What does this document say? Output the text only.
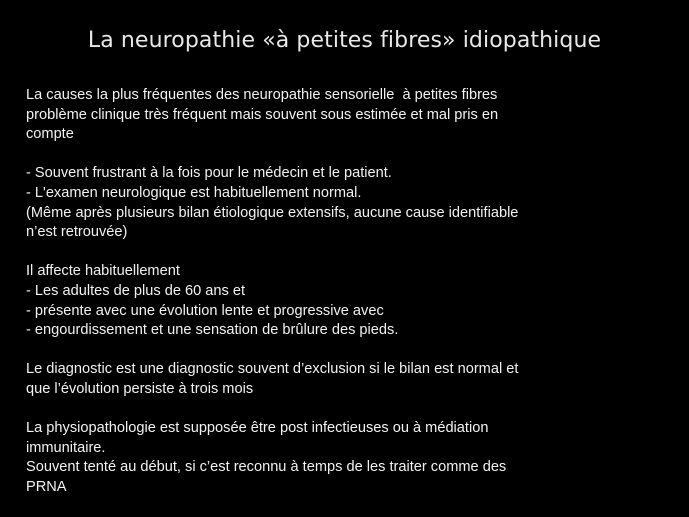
La neuropathie «à petites fibres» idiopathique

La causes la plus fréquentes des neuropathie sensorielle  à petites fibres

problème clinique très fréquent mais souvent sous estimée et mal pris en

compte

- Souvent frustrant à la fois pour le médecin et le patient.

- L'examen neurologique est habituellement normal.

(Même après plusieurs bilan étiologique extensifs, aucune cause identifiable

n’est retrouvée)

Il affecte habituellement

- Les adultes de plus de 60 ans et

- présente avec une évolution lente et progressive avec

- engourdissement et une sensation de brûlure des pieds.

Le diagnostic est une diagnostic souvent d’exclusion si le bilan est normal et

que l’évolution persiste à trois mois

La physiopathologie est supposée être post infectieuses ou à médiation

immunitaire.

Souvent tenté au début, si c’est reconnu à temps de les traiter comme des

PRNA
